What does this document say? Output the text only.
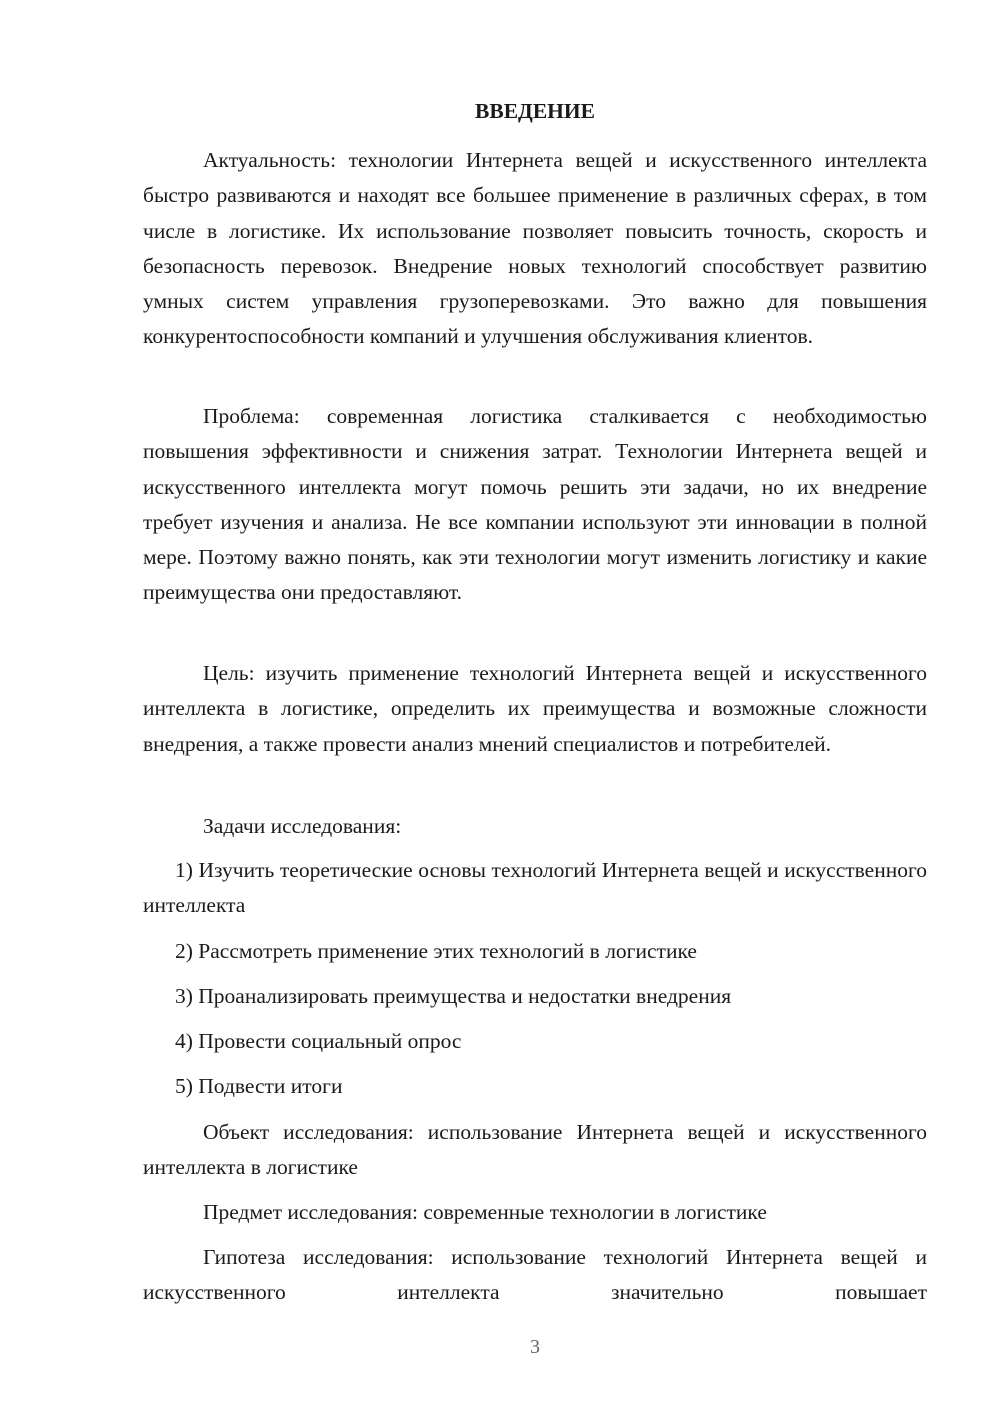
ВВЕДЕНИЕ

Актуальность: технологии Интернета вещей и искусственного интеллекта быстро развиваются и находят все большее применение в различных сферах, в том числе в логистике. Их использование позволяет повысить точность, скорость и безопасность перевозок. Внедрение новых технологий способствует развитию умных систем управления грузоперевозками. Это важно для повышения конкурентоспособности компаний и улучшения обслуживания клиентов.

Проблема: современная логистика сталкивается с необходимостью повышения эффективности и снижения затрат. Технологии Интернета вещей и искусственного интеллекта могут помочь решить эти задачи, но их внедрение требует изучения и анализа. Не все компании используют эти инновации в полной мере. Поэтому важно понять, как эти технологии могут изменить логистику и какие преимущества они предоставляют.

Цель: изучить применение технологий Интернета вещей и искусственного интеллекта в логистике, определить их преимущества и возможные сложности внедрения, а также провести анализ мнений специалистов и потребителей.

Задачи исследования:

1) Изучить теоретические основы технологий Интернета вещей и искусственного интеллекта

2) Рассмотреть применение этих технологий в логистике

3) Проанализировать преимущества и недостатки внедрения

4) Провести социальный опрос

5) Подвести итоги

Объект исследования: использование Интернета вещей и искусственного интеллекта в логистике

Предмет исследования: современные технологии в логистике

Гипотеза исследования: использование технологий Интернета вещей и искусственного интеллекта значительно повышает

3
